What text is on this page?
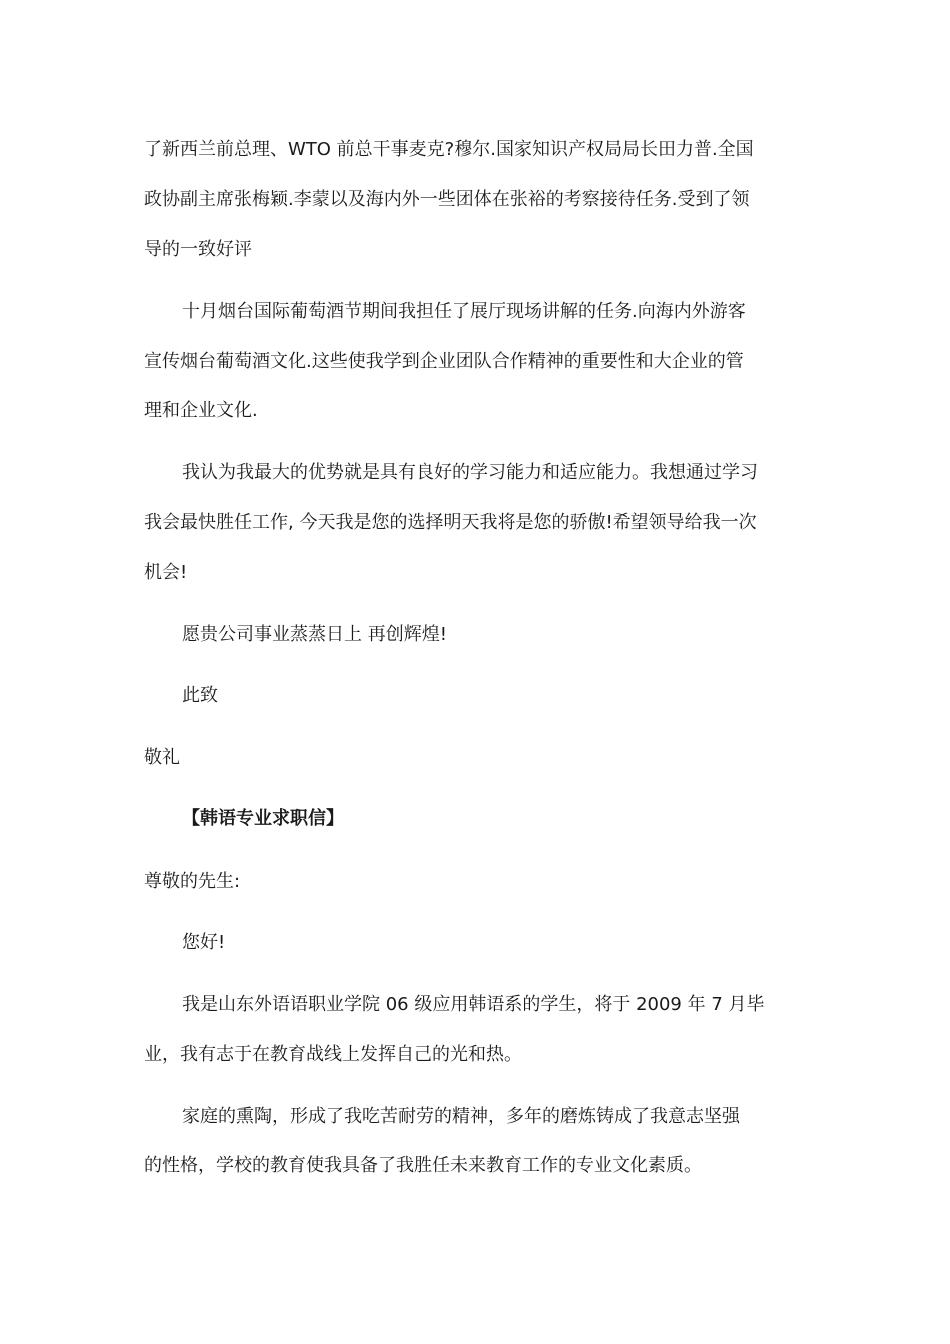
了新西兰前总理、WTO 前总干事麦克?穆尔.国家知识产权局局长田力普.全国
政协副主席张梅颖.李蒙以及海内外一些团体在张裕的考察接待任务.受到了领
导的一致好评
十月烟台国际葡萄酒节期间我担任了展厅现场讲解的任务.向海内外游客
宣传烟台葡萄酒文化.这些使我学到企业团队合作精神的重要性和大企业的管
理和企业文化.
我认为我最大的优势就是具有良好的学习能力和适应能力。我想通过学习
我会最快胜任工作, 今天我是您的选择明天我将是您的骄傲!希望领导给我一次
机会!
愿贵公司事业蒸蒸日上 再创辉煌!
此致
敬礼
【韩语专业求职信】
尊敬的先生:
您好!
我是山东外语语职业学院 06 级应用韩语系的学生，将于 2009 年 7 月毕
业，我有志于在教育战线上发挥自己的光和热。
家庭的熏陶，形成了我吃苦耐劳的精神，多年的磨炼铸成了我意志坚强
的性格，学校的教育使我具备了我胜任未来教育工作的专业文化素质。
